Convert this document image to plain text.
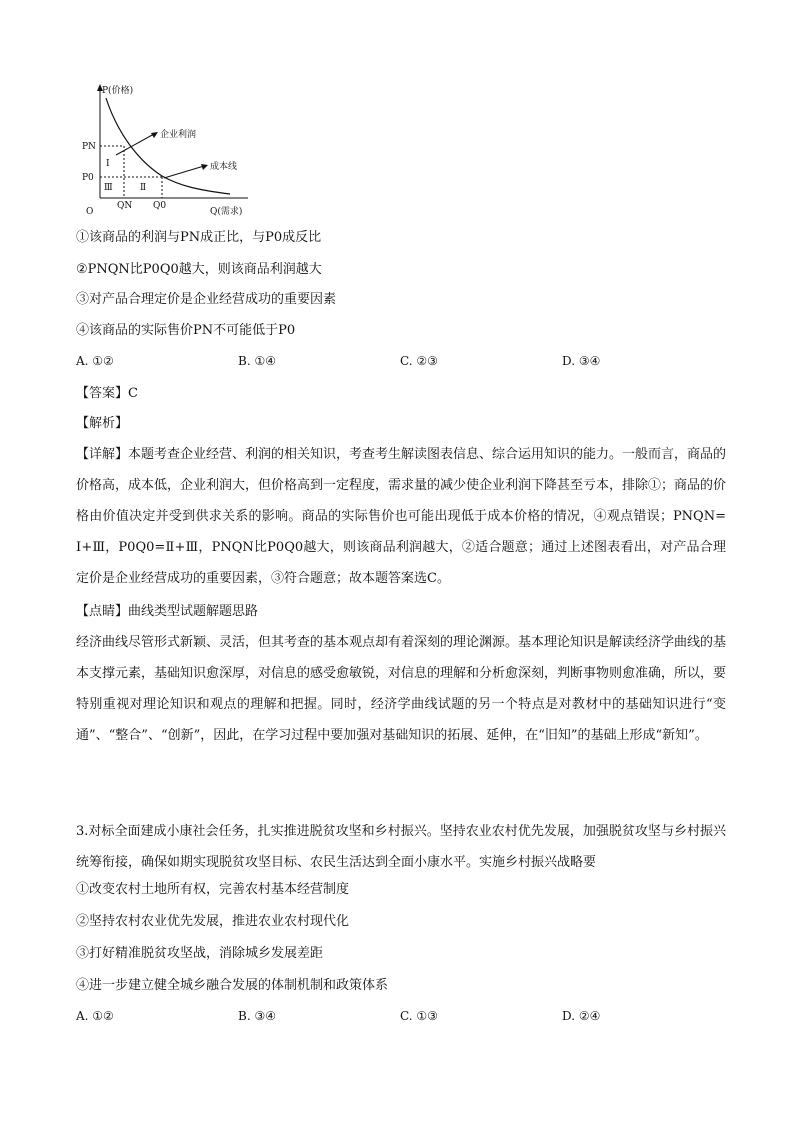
P(价格)
Q(需求)
O
PN
P0
QN Q0
Ⅰ
Ⅱ
Ⅲ
企业利润
成本线
①该商品的利润与PN成正比，与P0成反比
②PNQN比P0Q0越大，则该商品利润越大
③对产品合理定价是企业经营成功的重要因素
④该商品的实际售价PN不可能低于P0
A. ①②	B. ①④	C. ②③	D. ③④
【答案】C
【解析】
【详解】本题考查企业经营、利润的相关知识，考查考生解读图表信息、综合运用知识的能力。一般而言，商品的价格高，成本低，企业利润大，但价格高到一定程度，需求量的减少使企业利润下降甚至亏本，排除①；商品的价格由价值决定并受到供求关系的影响。商品的实际售价也可能出现低于成本价格的情况，④观点错误；PNQN= Ⅰ+Ⅲ，P0Q0=Ⅱ+Ⅲ，PNQN比P0Q0越大，则该商品利润越大，②适合题意；通过上述图表看出，对产品合理定价是企业经营成功的重要因素，③符合题意；故本题答案选C。
【点睛】曲线类型试题解题思路
经济曲线尽管形式新颖、灵活，但其考查的基本观点却有着深刻的理论渊源。基本理论知识是解读经济学曲线的基本支撑元素，基础知识愈深厚，对信息的感受愈敏锐，对信息的理解和分析愈深刻，判断事物则愈准确，所以，要特别重视对理论知识和观点的理解和把握。同时，经济学曲线试题的另一个特点是对教材中的基础知识进行“变通”、“整合”、“创新”，因此，在学习过程中要加强对基础知识的拓展、延伸，在“旧知”的基础上形成“新知”。
3.对标全面建成小康社会任务，扎实推进脱贫攻坚和乡村振兴。坚持农业农村优先发展，加强脱贫攻坚与乡村振兴统筹衔接，确保如期实现脱贫攻坚目标、农民生活达到全面小康水平。实施乡村振兴战略要
①改变农村土地所有权，完善农村基本经营制度
②坚持农村农业优先发展，推进农业农村现代化
③打好精准脱贫攻坚战，消除城乡发展差距
④进一步建立健全城乡融合发展的体制机制和政策体系
A. ①②	B. ③④	C. ①③	D. ②④
